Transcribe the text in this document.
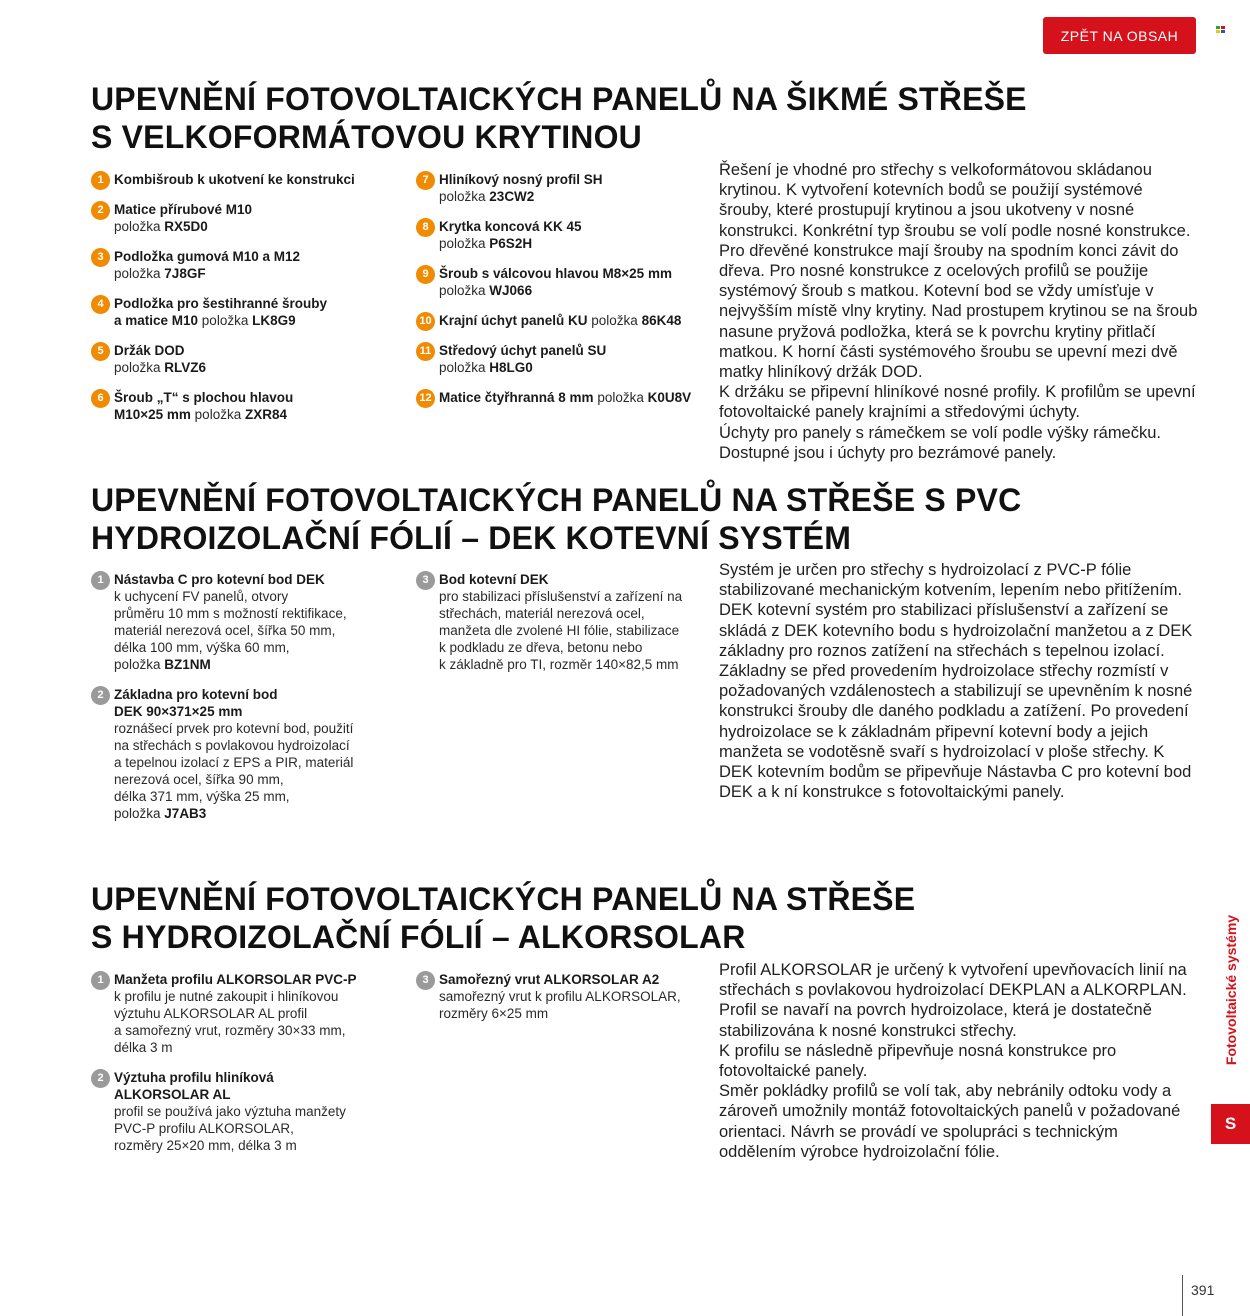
ZPĚT NA OBSAH
UPEVNĚNÍ FOTOVOLTAICKÝCH PANELŮ NA ŠIKMÉ STŘEŠE
S VELKOFORMÁTOVOU KRYTINOU
1 Kombišroub k ukotvení ke konstrukci
2 Matice přírubové M10
položka RX5D0
3 Podložka gumová M10 a M12
položka 7J8GF
4 Podložka pro šestihranné šrouby
a matice M10 položka LK8G9
5 Držák DOD
položka RLVZ6
6 Šroub „T“ s plochou hlavou
M10×25 mm položka ZXR84
7 Hliníkový nosný profil SH
položka 23CW2
8 Krytka koncová KK 45
položka P6S2H
9 Šroub s válcovou hlavou M8×25 mm
položka WJ066
10 Krajní úchyt panelů KU položka 86K48
11 Středový úchyt panelů SU
položka H8LG0
12 Matice čtyřhranná 8 mm položka K0U8V

Řešení je vhodné pro střechy s velkoformátovou skládanou krytinou. K vytvoření kotevních bodů se použijí systémové šrouby, které prostupují krytinou a jsou ukotveny v nosné konstrukci. Konkrétní typ šroubu se volí podle nosné konstrukce. Pro dřevěné konstrukce mají šrouby na spodním konci závit do dřeva. Pro nosné konstrukce z ocelových profilů se použije systémový šroub s matkou. Kotevní bod se vždy umísťuje v nejvyšším místě vlny krytiny. Nad prostupem krytinou se na šroub nasune pryžová podložka, která se k povrchu krytiny přitlačí matkou. K horní části systémového šroubu se upevní mezi dvě matky hliníkový držák DOD.

K držáku se připevní hliníkové nosné profily. K profilům se upevní fotovoltaické panely krajními a středovými úchyty.

Úchyty pro panely s rámečkem se volí podle výšky rámečku. Dostupné jsou i úchyty pro bezrámové panely.

UPEVNĚNÍ FOTOVOLTAICKÝCH PANELŮ NA STŘEŠE S PVC
HYDROIZOLAČNÍ FÓLIÍ – DEK KOTEVNÍ SYSTÉM
1 Nástavba C pro kotevní bod DEK
k uchycení FV panelů, otvory
průměru 10 mm s možností rektifikace,
materiál nerezová ocel, šířka 50 mm,
délka 100 mm, výška 60 mm,
položka BZ1NM
2 Základna pro kotevní bod
DEK 90×371×25 mm
roznášecí prvek pro kotevní bod, použití
na střechách s povlakovou hydroizolací
a tepelnou izolací z EPS a PIR, materiál
nerezová ocel, šířka 90 mm,
délka 371 mm, výška 25 mm,
položka J7AB3
3 Bod kotevní DEK
pro stabilizaci příslušenství a zařízení na
střechách, materiál nerezová ocel,
manžeta dle zvolené HI fólie, stabilizace
k podkladu ze dřeva, betonu nebo
k základně pro TI, rozměr 140×82,5 mm

Systém je určen pro střechy s hydroizolací z PVC-P fólie stabilizované mechanickým kotvením, lepením nebo přitížením.

DEK kotevní systém pro stabilizaci příslušenství a zařízení se skládá z DEK kotevního bodu s hydroizolační manžetou a z DEK základny pro roznos zatížení na střechách s tepelnou izolací. Základny se před provedením hydroizolace střechy rozmístí v požadovaných vzdálenostech a stabilizují se upevněním k nosné konstrukci šrouby dle daného podkladu a zatížení. Po provedení hydroizolace se k základnám připevní kotevní body a jejich manžeta se vodotěsně svaří s hydroizolací v ploše střechy. K DEK kotevním bodům se připevňuje Nástavba C pro kotevní bod DEK a k ní konstrukce s fotovoltaickými panely.

UPEVNĚNÍ FOTOVOLTAICKÝCH PANELŮ NA STŘEŠE
S HYDROIZOLAČNÍ FÓLIÍ – ALKORSOLAR
1 Manžeta profilu ALKORSOLAR PVC-P
k profilu je nutné zakoupit i hliníkovou
výztuhu ALKORSOLAR AL profil
a samořezný vrut, rozměry 30×33 mm,
délka 3 m
2 Výztuha profilu hliníková
ALKORSOLAR AL
profil se používá jako výztuha manžety
PVC-P profilu ALKORSOLAR,
rozměry 25×20 mm, délka 3 m
3 Samořezný vrut ALKORSOLAR A2
samořezný vrut k profilu ALKORSOLAR,
rozměry 6×25 mm

Profil ALKORSOLAR je určený k vytvoření upevňovacích linií na střechách s povlakovou hydroizolací DEKPLAN a ALKORPLAN. Profil se navaří na povrch hydroizolace, která je dostatečně stabilizována k nosné konstrukci střechy.

K profilu se následně připevňuje nosná konstrukce pro fotovoltaické panely.

Směr pokládky profilů se volí tak, aby nebránily odtoku vody a zároveň umožnily montáž fotovoltaických panelů v požadované orientaci. Návrh se provádí ve spolupráci s technickým oddělením výrobce hydroizolační fólie.

Fotovoltaické systémy
S
391
